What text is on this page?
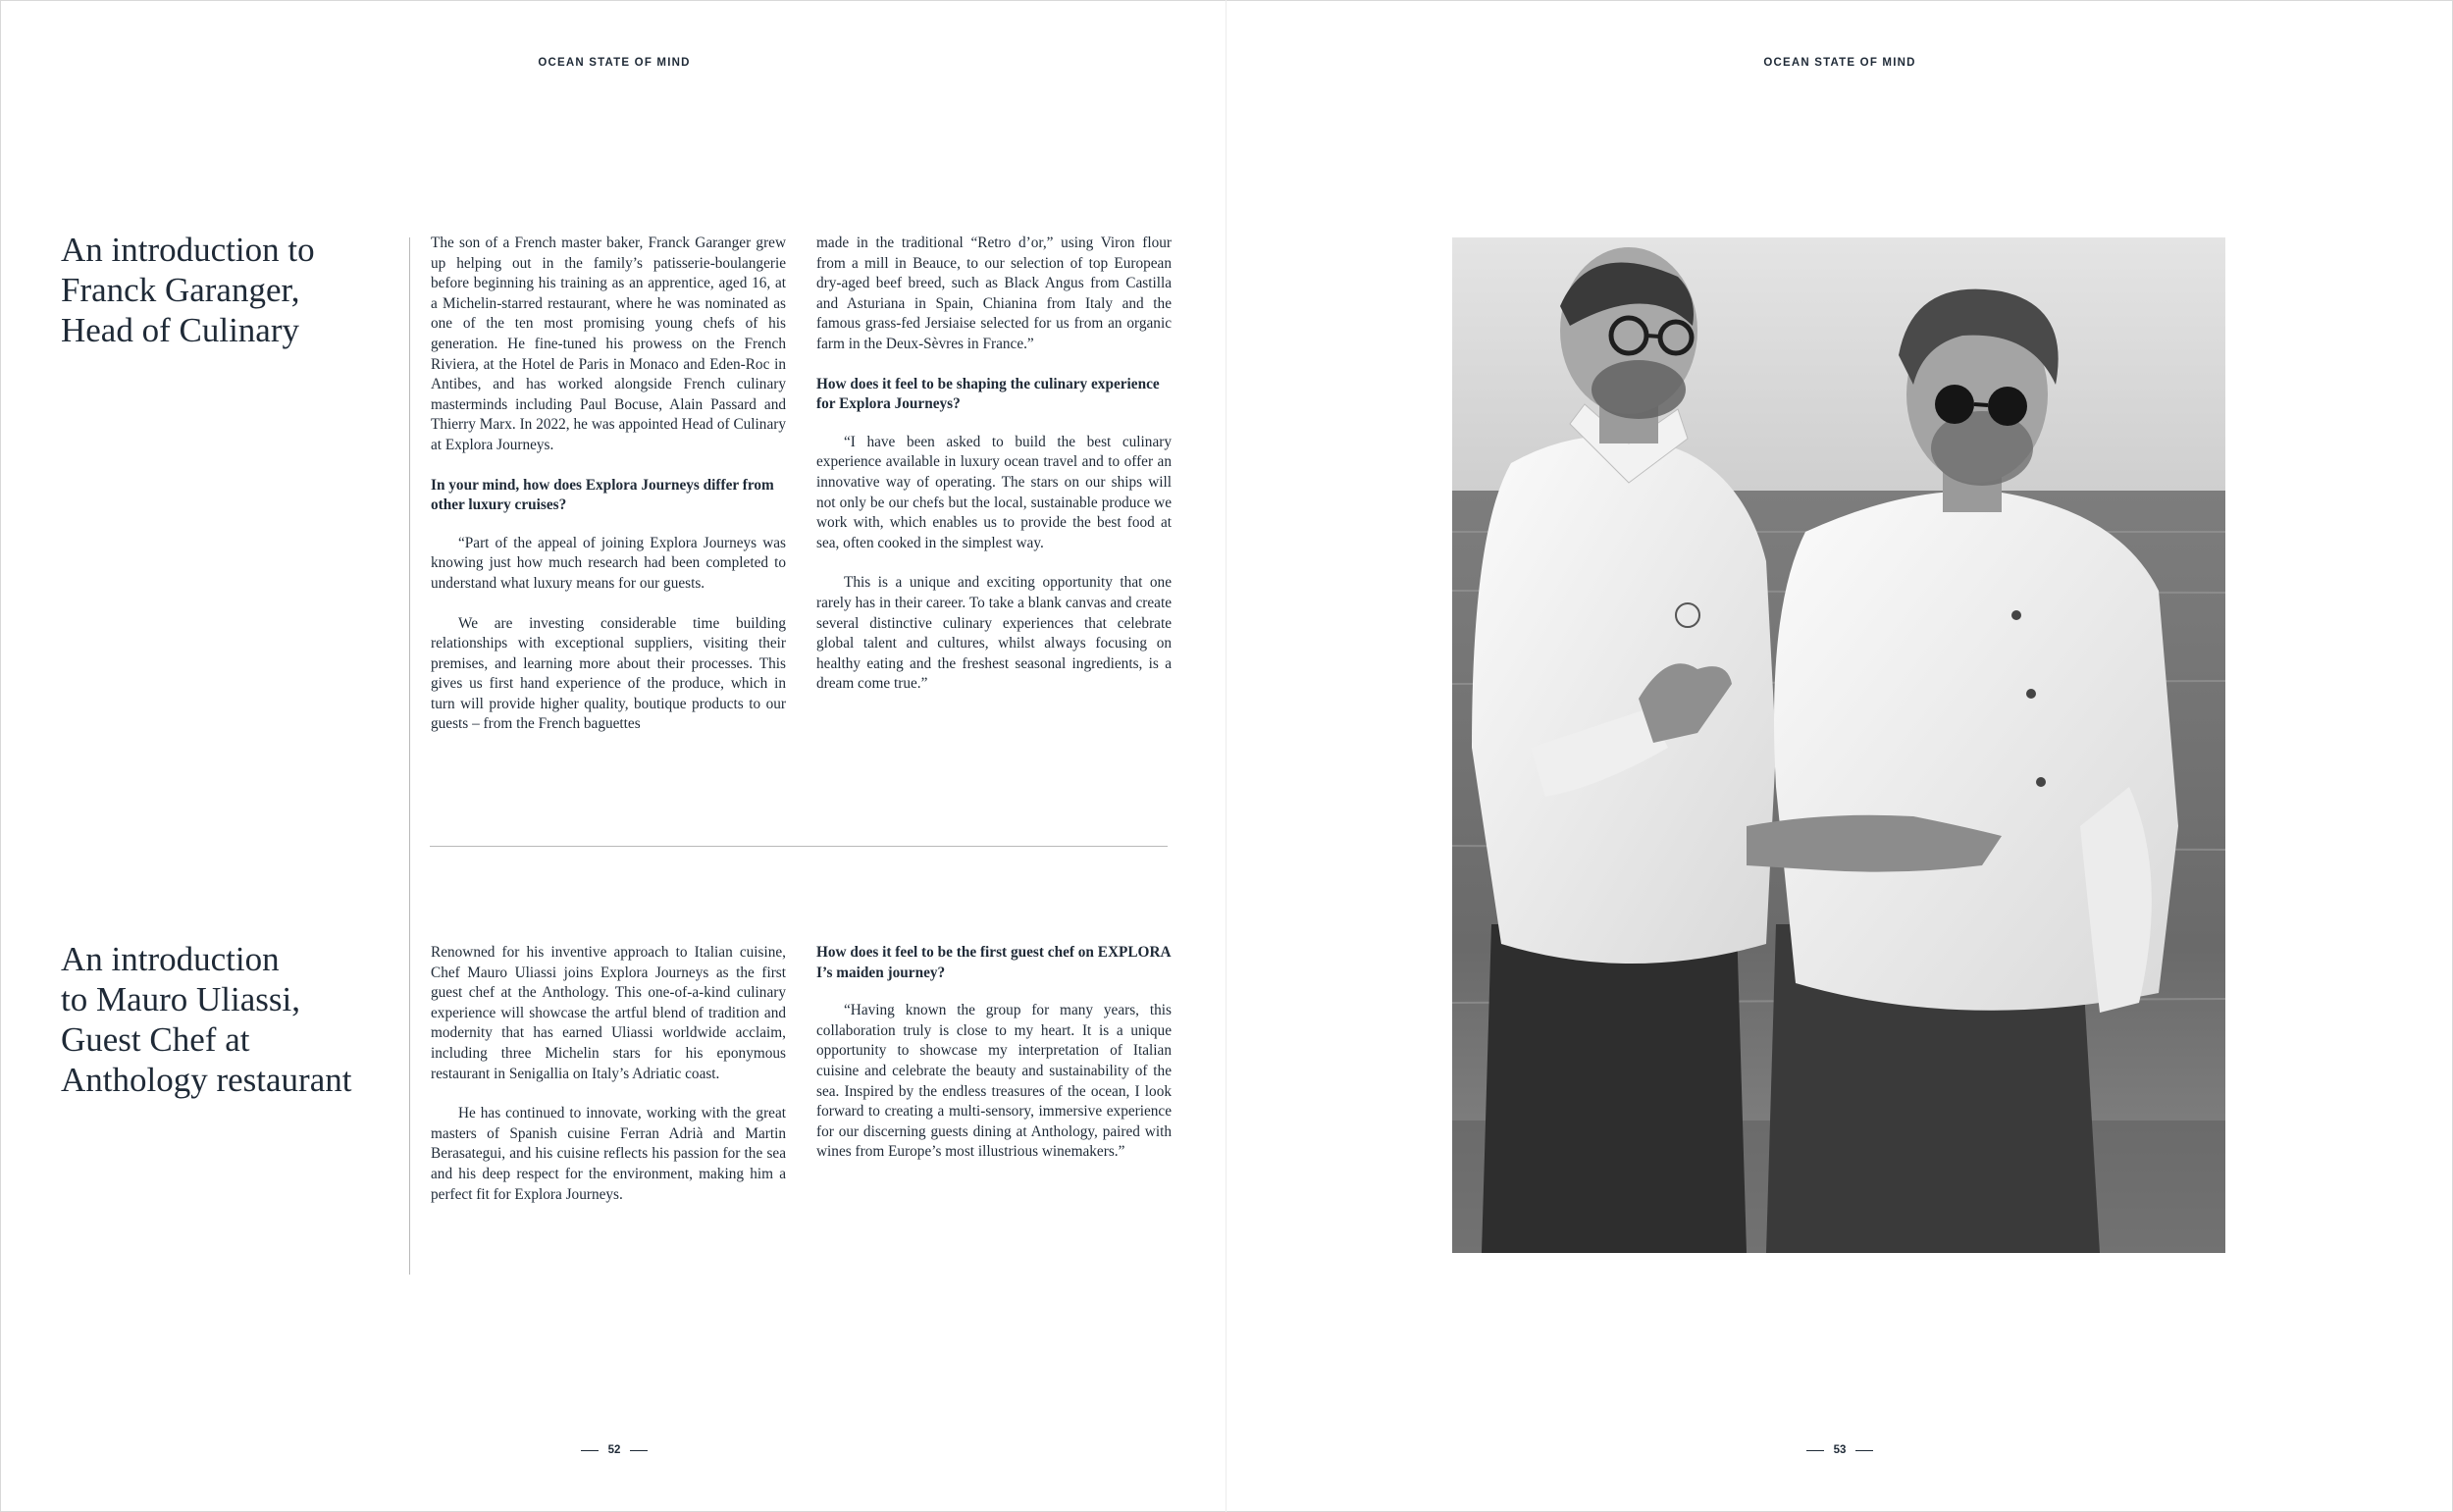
OCEAN STATE OF MIND	OCEAN STATE OF MIND
An introduction to
Franck Garanger,
Head of Culinary
An introduction
to Mauro Uliassi,
Guest Chef at
Anthology restaurant

The son of a French master baker, Franck Garanger grew up helping out in the family’s patisserie-boulangerie before beginning his training as an apprentice, aged 16, at a Michelin-starred restaurant, where he was nominated as one of the ten most promising young chefs of his generation. He fine-tuned his prowess on the French Riviera, at the Hotel de Paris in Monaco and Eden-Roc in Antibes, and has worked alongside French culinary masterminds including Paul Bocuse, Alain Passard and Thierry Marx. In 2022, he was appointed Head of Culinary at Explora Journeys.

In your mind, how does Explora Journeys differ from other luxury cruises?

“Part of the appeal of joining Explora Journeys was knowing just how much research had been completed to understand what luxury means for our guests.

We are investing considerable time building relationships with exceptional suppliers, visiting their premises, and learning more about their processes. This gives us first hand experience of the produce, which in turn will provide higher quality, boutique products to our guests – from the French baguettes

made in the traditional “Retro d’or,” using Viron flour from a mill in Beauce, to our selection of top European dry-aged beef breed, such as Black Angus from Castilla and Asturiana in Spain, Chianina from Italy and the famous grass-fed Jersiaise selected for us from an organic farm in the Deux-Sèvres in France.”

How does it feel to be shaping the culinary experience for Explora Journeys?

“I have been asked to build the best culinary experience available in luxury ocean travel and to offer an innovative way of operating. The stars on our ships will not only be our chefs but the local, sustainable produce we work with, which enables us to provide the best food at sea, often cooked in the simplest way.

This is a unique and exciting opportunity that one rarely has in their career. To take a blank canvas and create several distinctive culinary experiences that celebrate global talent and cultures, whilst always focusing on healthy eating and the freshest seasonal ingredients, is a dream come true.”

Renowned for his inventive approach to Italian cuisine, Chef Mauro Uliassi joins Explora Journeys as the first guest chef at the Anthology. This one-of-a-kind culinary experience will showcase the artful blend of tradition and modernity that has earned Uliassi worldwide acclaim, including three Michelin stars for his eponymous restaurant in Senigallia on Italy’s Adriatic coast.

He has continued to innovate, working with the great masters of Spanish cuisine Ferran Adrià and Martin Berasategui, and his cuisine reflects his passion for the sea and his deep respect for the environment, making him a perfect fit for Explora Journeys.

How does it feel to be the first guest chef on EXPLORA I’s maiden journey?

“Having known the group for many years, this collaboration truly is close to my heart. It is a unique opportunity to showcase my interpretation of Italian cuisine and celebrate the beauty and sustainability of the sea. Inspired by the endless treasures of the ocean, I look forward to creating a multi-sensory, immersive experience for our discerning guests dining at Anthology, paired with wines from Europe’s most illustrious winemakers.”

52	53
